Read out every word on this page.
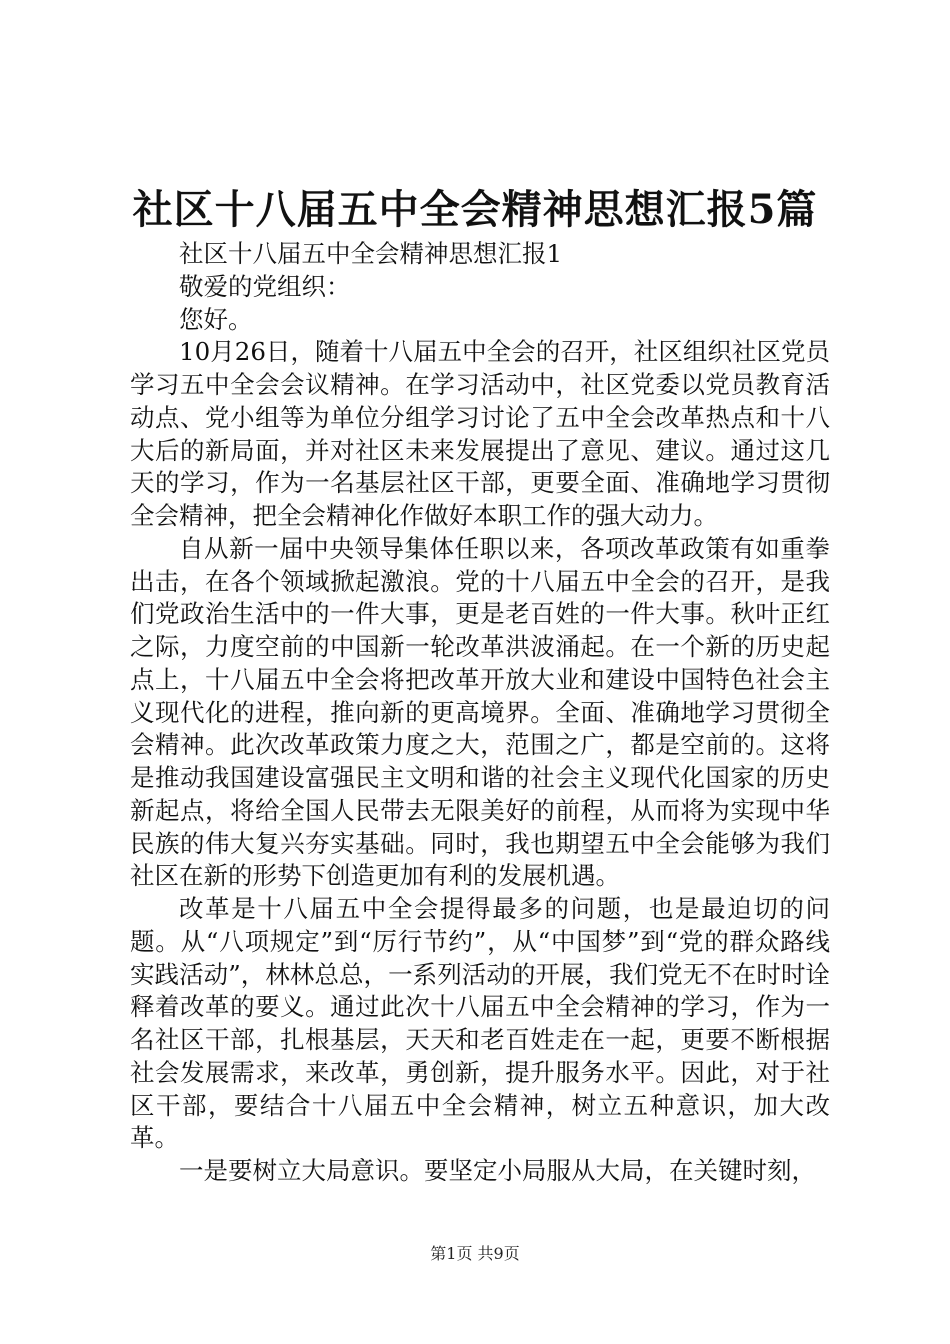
社区十八届五中全会精神思想汇报5篇

社区十八届五中全会精神思想汇报1

敬爱的党组织：

您好。

10月26日，随着十八届五中全会的召开，社区组织社区党员学习五中全会会议精神。在学习活动中，社区党委以党员教育活动点、党小组等为单位分组学习讨论了五中全会改革热点和十八大后的新局面，并对社区未来发展提出了意见、建议。通过这几天的学习，作为一名基层社区干部，更要全面、准确地学习贯彻全会精神，把全会精神化作做好本职工作的强大动力。

自从新一届中央领导集体任职以来，各项改革政策有如重拳出击，在各个领域掀起激浪。党的十八届五中全会的召开，是我们党政治生活中的一件大事，更是老百姓的一件大事。秋叶正红之际，力度空前的中国新一轮改革洪波涌起。在一个新的历史起点上，十八届五中全会将把改革开放大业和建设中国特色社会主义现代化的进程，推向新的更高境界。全面、准确地学习贯彻全会精神。此次改革政策力度之大，范围之广，都是空前的。这将是推动我国建设富强民主文明和谐的社会主义现代化国家的历史新起点，将给全国人民带去无限美好的前程，从而将为实现中华民族的伟大复兴夯实基础。同时，我也期望五中全会能够为我们社区在新的形势下创造更加有利的发展机遇。

改革是十八届五中全会提得最多的问题，也是最迫切的问题。从“八项规定”到“厉行节约”，从“中国梦”到“党的群众路线实践活动”，林林总总，一系列活动的开展，我们党无不在时时诠释着改革的要义。通过此次十八届五中全会精神的学习，作为一名社区干部，扎根基层，天天和老百姓走在一起，更要不断根据社会发展需求，来改革，勇创新，提升服务水平。因此，对于社区干部，要结合十八届五中全会精神，树立五种意识，加大改革。

一是要树立大局意识。要坚定小局服从大局，在关键时刻，

第1页 共9页
